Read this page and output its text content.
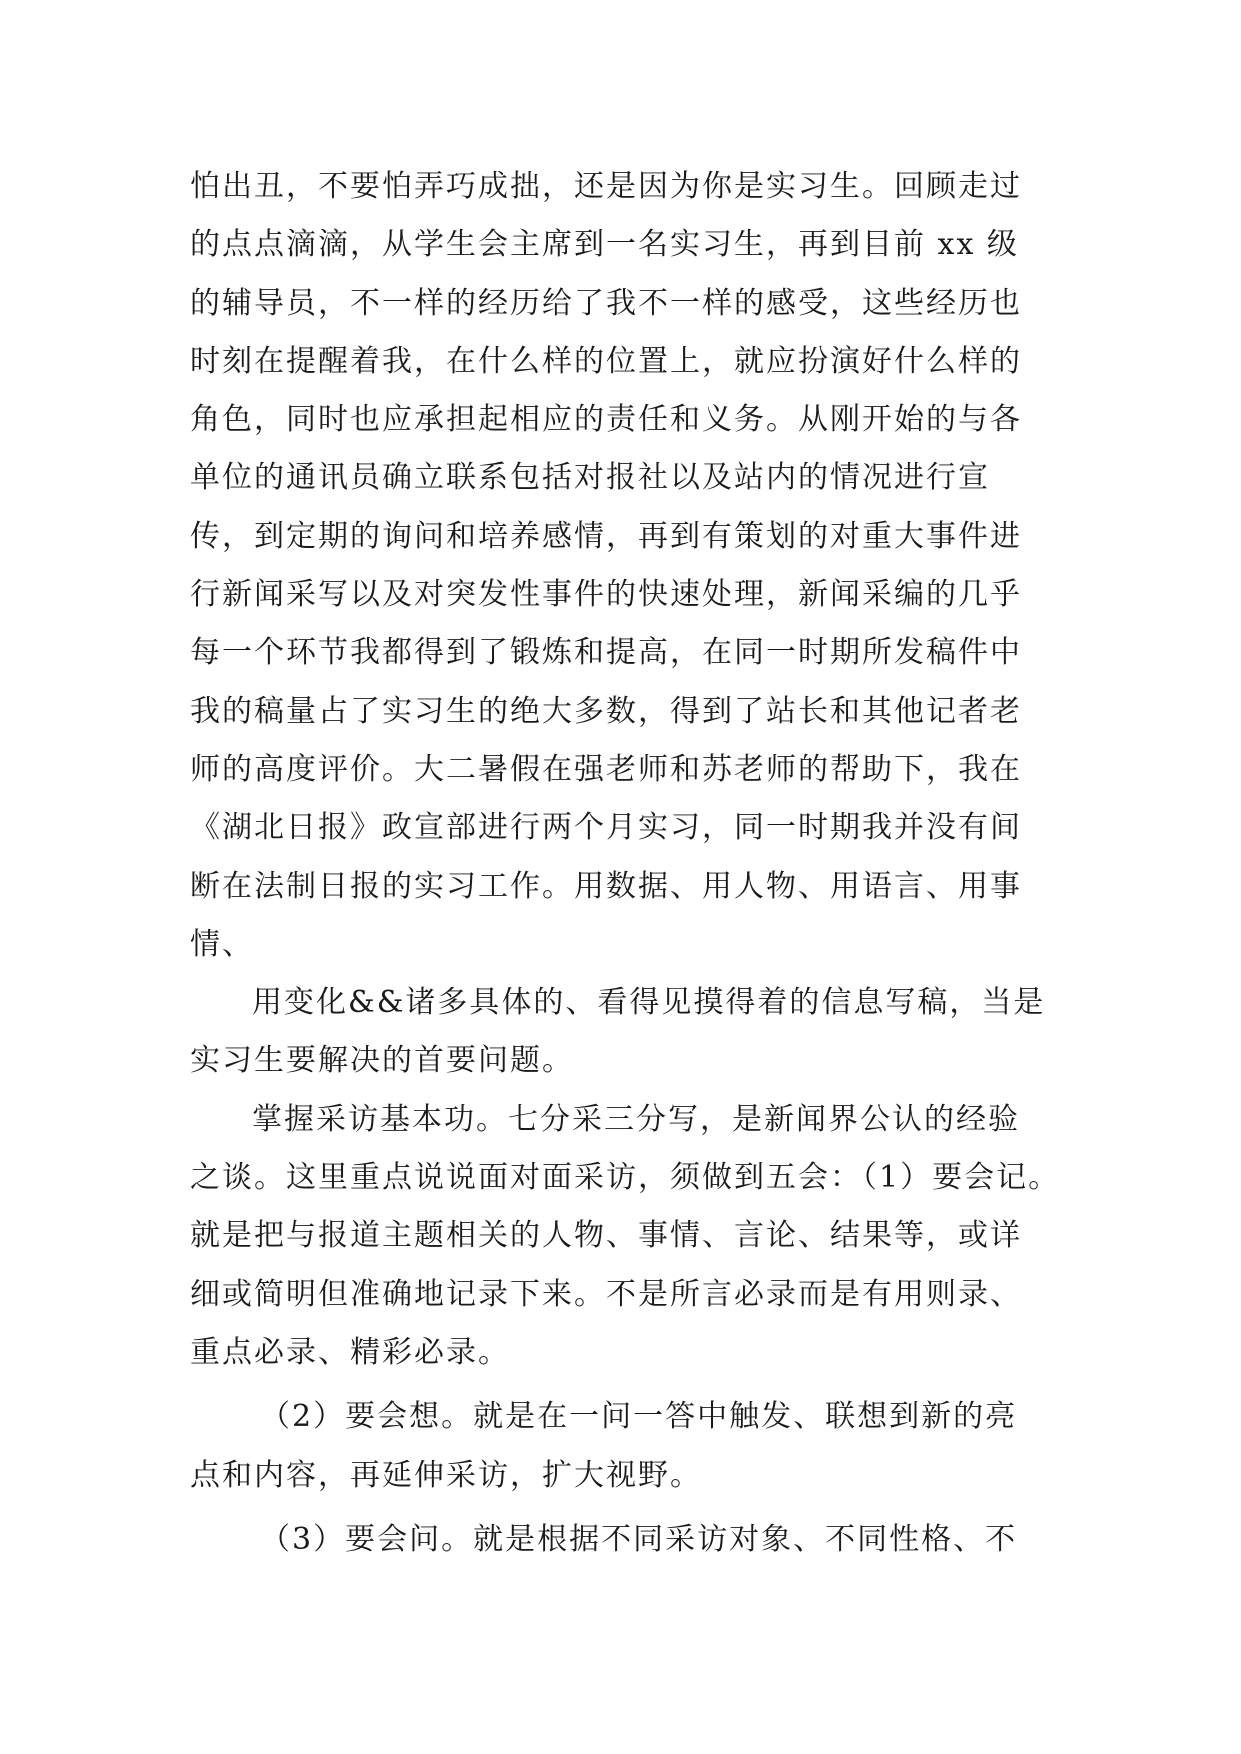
怕出丑，不要怕弄巧成拙，还是因为你是实习生。回顾走过
的点点滴滴，从学生会主席到一名实习生，再到目前 xx 级
的辅导员，不一样的经历给了我不一样的感受，这些经历也
时刻在提醒着我，在什么样的位置上，就应扮演好什么样的
角色，同时也应承担起相应的责任和义务。从刚开始的与各
单位的通讯员确立联系包括对报社以及站内的情况进行宣
传，到定期的询问和培养感情，再到有策划的对重大事件进
行新闻采写以及对突发性事件的快速处理，新闻采编的几乎
每一个环节我都得到了锻炼和提高，在同一时期所发稿件中
我的稿量占了实习生的绝大多数，得到了站长和其他记者老
师的高度评价。大二暑假在强老师和苏老师的帮助下，我在
《湖北日报》政宣部进行两个月实习，同一时期我并没有间
断在法制日报的实习工作。用数据、用人物、用语言、用事
情、
用变化&&诸多具体的、看得见摸得着的信息写稿，当是
实习生要解决的首要问题。
掌握采访基本功。七分采三分写，是新闻界公认的经验
之谈。这里重点说说面对面采访，须做到五会：（1）要会记。
就是把与报道主题相关的人物、事情、言论、结果等，或详
细或简明但准确地记录下来。不是所言必录而是有用则录、
重点必录、精彩必录。
（2）要会想。就是在一问一答中触发、联想到新的亮
点和内容，再延伸采访，扩大视野。
（3）要会问。就是根据不同采访对象、不同性格、不
